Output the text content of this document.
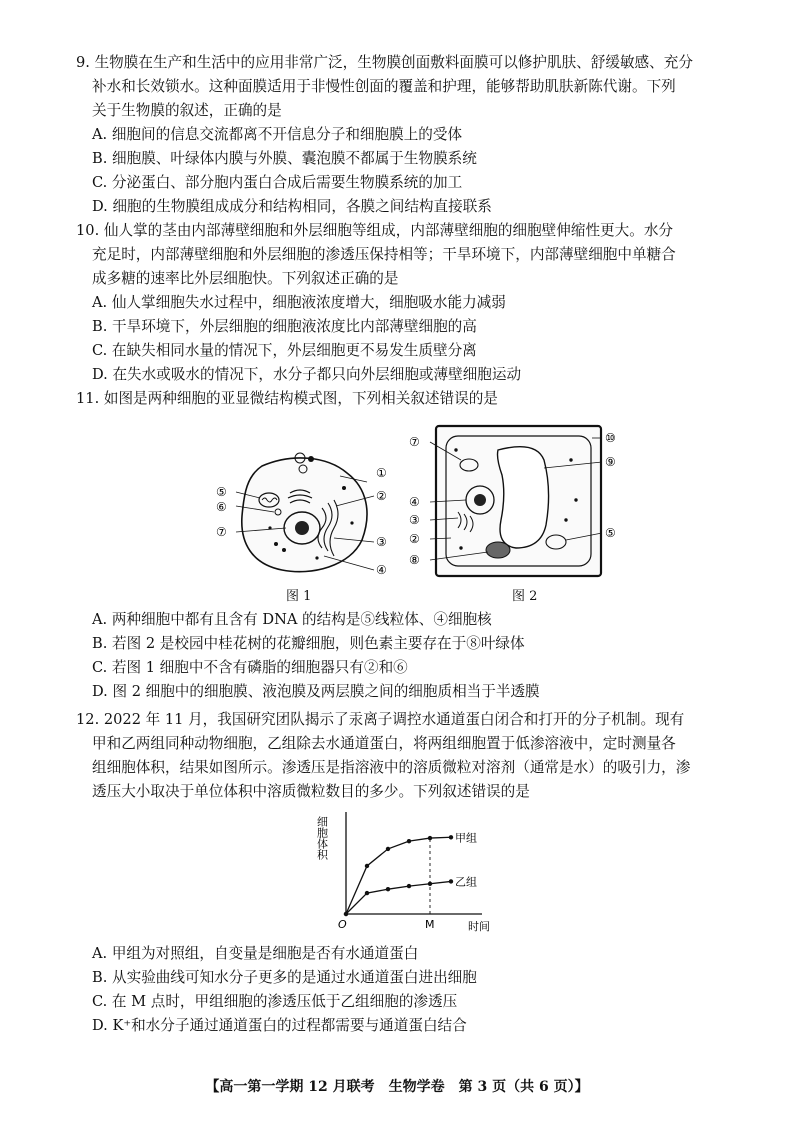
9. 生物膜在生产和生活中的应用非常广泛，生物膜创面敷料面膜可以修护肌肤、舒缓敏感、充分
补水和长效锁水。这种面膜适用于非慢性创面的覆盖和护理，能够帮助肌肤新陈代谢。下列
关于生物膜的叙述，正确的是
A. 细胞间的信息交流都离不开信息分子和细胞膜上的受体
B. 细胞膜、叶绿体内膜与外膜、囊泡膜不都属于生物膜系统
C. 分泌蛋白、部分胞内蛋白合成后需要生物膜系统的加工
D. 细胞的生物膜组成成分和结构相同，各膜之间结构直接联系
10. 仙人掌的茎由内部薄壁细胞和外层细胞等组成，内部薄壁细胞的细胞壁伸缩性更大。水分
充足时，内部薄壁细胞和外层细胞的渗透压保持相等；干旱环境下，内部薄壁细胞中单糖合
成多糖的速率比外层细胞快。下列叙述正确的是
A. 仙人掌细胞失水过程中，细胞液浓度增大，细胞吸水能力减弱
B. 干旱环境下，外层细胞的细胞液浓度比内部薄壁细胞的高
C. 在缺失相同水量的情况下，外层细胞更不易发生质壁分离
D. 在失水或吸水的情况下，水分子都只向外层细胞或薄壁细胞运动
11. 如图是两种细胞的亚显微结构模式图，下列相关叙述错误的是
①
②
③
④
⑤
⑥
⑦
图 1
⑦
④
③
②
⑧
⑩
⑨
⑤
图 2
A. 两种细胞中都有且含有 DNA 的结构是⑤线粒体、④细胞核
B. 若图 2 是校园中桂花树的花瓣细胞，则色素主要存在于⑧叶绿体
C. 若图 1 细胞中不含有磷脂的细胞器只有②和⑥
D. 图 2 细胞中的细胞膜、液泡膜及两层膜之间的细胞质相当于半透膜
12. 2022 年 11 月，我国研究团队揭示了汞离子调控水通道蛋白闭合和打开的分子机制。现有
甲和乙两组同种动物细胞，乙组除去水通道蛋白，将两组细胞置于低渗溶液中，定时测量各
组细胞体积，结果如图所示。渗透压是指溶液中的溶质微粒对溶剂（通常是水）的吸引力，渗
透压大小取决于单位体积中溶质微粒数目的多少。下列叙述错误的是
细胞体积
时间
O	M
甲组
乙组
A. 甲组为对照组，自变量是细胞是否有水通道蛋白
B. 从实验曲线可知水分子更多的是通过水通道蛋白进出细胞
C. 在 M 点时，甲组细胞的渗透压低于乙组细胞的渗透压
D. K⁺和水分子通过通道蛋白的过程都需要与通道蛋白结合
【高一第一学期 12 月联考　生物学卷　第 3 页（共 6 页）】
